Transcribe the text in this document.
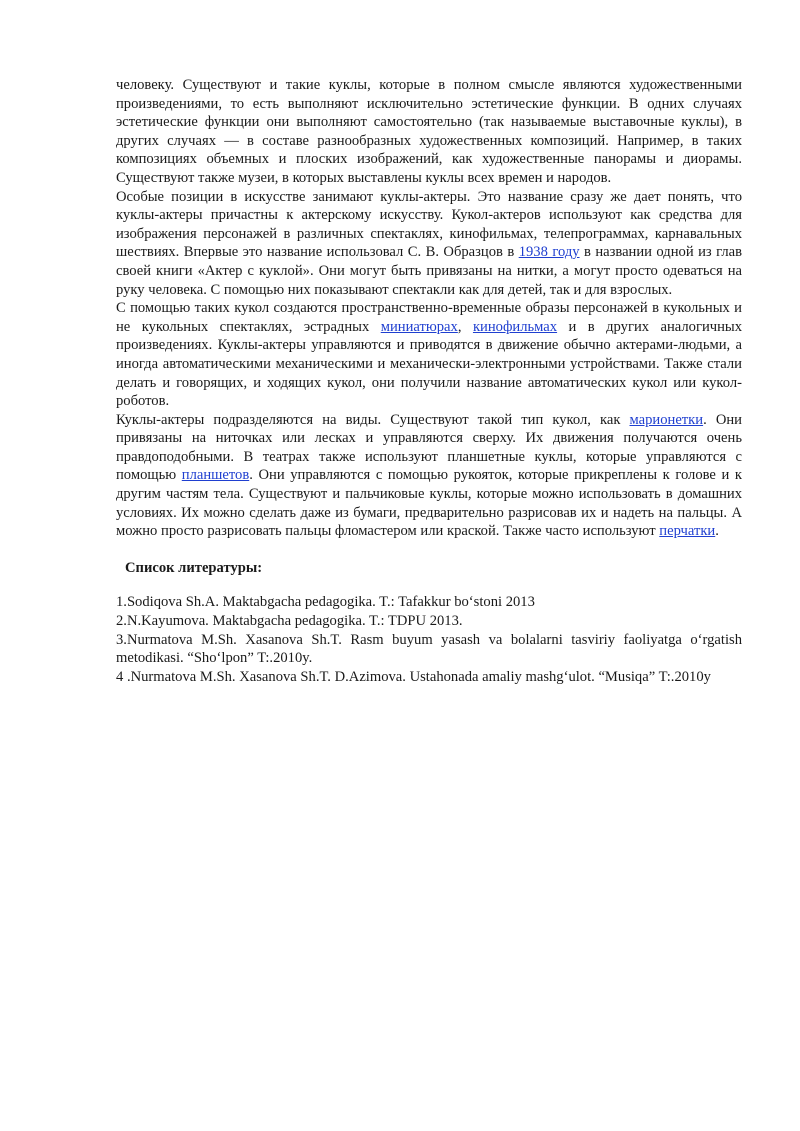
человеку. Существуют и такие куклы, которые в полном смысле являются художественными произведениями, то есть выполняют исключительно эстетические функции. В одних случаях эстетические функции они выполняют самостоятельно (так называемые выставочные куклы), в других случаях — в составе разнообразных художественных композиций. Например, в таких композициях объемных и плоских изображений, как художественные панорамы и диорамы. Существуют также музеи, в которых выставлены куклы всех времен и народов.

Особые позиции в искусстве занимают куклы-актеры. Это название сразу же дает понять, что куклы-актеры причастны к актерскому искусству. Кукол-актеров используют как средства для изображения персонажей в различных спектаклях, кинофильмах, телепрограммах, карнавальных шествиях. Впервые это название использовал С. В. Образцов в 1938 году в названии одной из глав своей книги «Актер с куклой». Они могут быть привязаны на нитки, а могут просто одеваться на руку человека. С помощью них показывают спектакли как для детей, так и для взрослых.

С помощью таких кукол создаются пространственно-временные образы персонажей в кукольных и не кукольных спектаклях, эстрадных миниатюрах, кинофильмах и в других аналогичных произведениях. Куклы-актеры управляются и приводятся в движение обычно актерами-людьми, а иногда автоматическими механическими и механически-электронными устройствами. Также стали делать и говорящих, и ходящих кукол, они получили название автоматических кукол или кукол-роботов.

Куклы-актеры подразделяются на виды. Существуют такой тип кукол, как марионетки. Они привязаны на ниточках или лесках и управляются сверху. Их движения получаются очень правдоподобными. В театрах также используют планшетные куклы, которые управляются с помощью планшетов. Они управляются с помощью рукояток, которые прикреплены к голове и к другим частям тела. Существуют и пальчиковые куклы, которые можно использовать в домашних условиях. Их можно сделать даже из бумаги, предварительно разрисовав их и надеть на пальцы. А можно просто разрисовать пальцы фломастером или краской. Также часто используют перчатки.

Список литературы:

1.Sodiqova Sh.A. Maktabgacha pedagogika. T.: Tafakkur bo‘stoni 2013

2.N.Kayumova. Maktabgacha pedagogika. T.: TDPU 2013.

3.Nurmatova M.Sh. Xasanova Sh.T. Rasm buyum yasash va bolalarni tasviriy faoliyatga o‘rgatish metodikasi. “Sho‘lpon” T:.2010y.

4 .Nurmatova M.Sh. Xasanova Sh.T. D.Azimova. Ustahonada amaliy mashg‘ulot. “Musiqa” T:.2010y
